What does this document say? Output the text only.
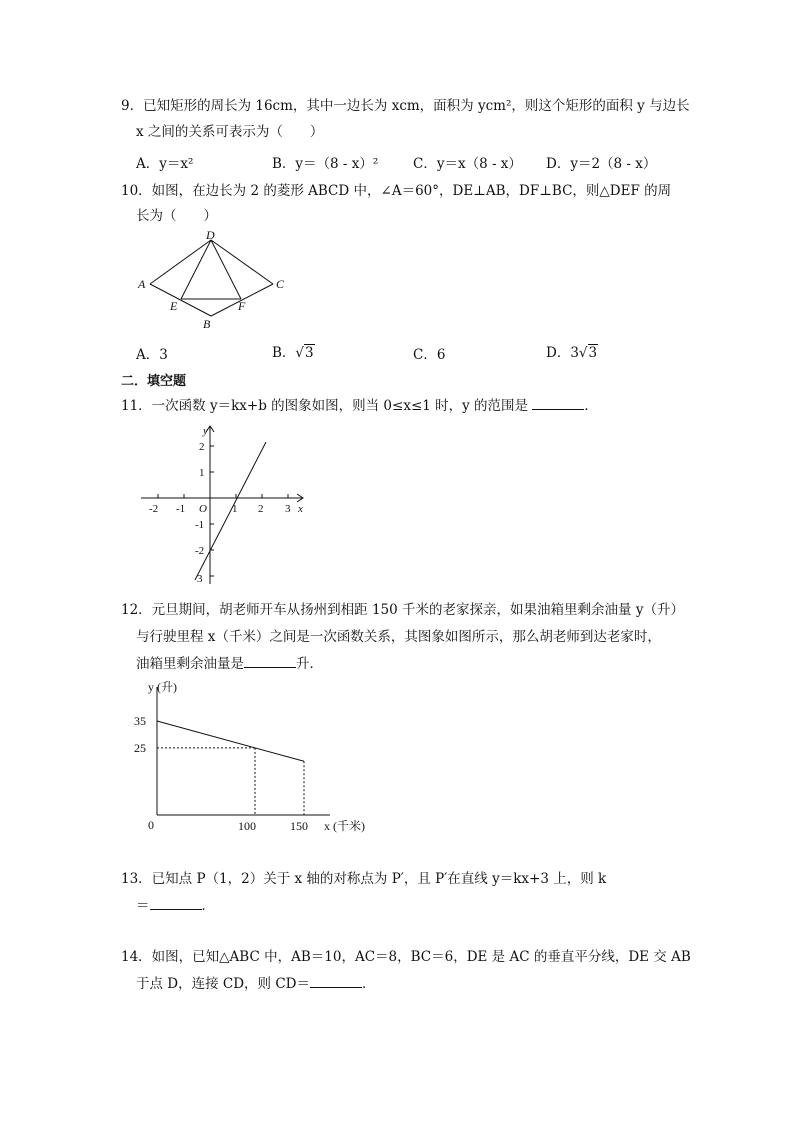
9．已知矩形的周长为 16cm，其中一边长为 xcm，面积为 ycm²，则这个矩形的面积 y 与边长
x 之间的关系可表示为（　　）
A．y＝x²	B．y＝（8 - x）²	C．y＝x（8 - x） D．y＝2（8 - x）
10．如图，在边长为 2 的菱形 ABCD 中，∠A＝60°，DE⊥AB，DF⊥BC，则△DEF 的周
长为（　　）
D
A	C
E	F
B
A．3	B．√3	C．6	D．3√3
二．填空题
11．一次函数 y＝kx+b 的图象如图，则当 0≤x≤1 时，y 的范围是	．
y
2
1
-1
-2
3
-2 -1 O 1 2 3 x
12．元旦期间，胡老师开车从扬州到相距 150 千米的老家探亲，如果油箱里剩余油量 y（升）
与行驶里程 x（千米）之间是一次函数关系，其图象如图所示，那么胡老师到达老家时，
油箱里剩余油量是	升．
y (升)
35
25
0	100	150 x (千米)
13．已知点 P（1，2）关于 x 轴的对称点为 P′，且 P′在直线 y＝kx+3 上，则 k
＝	．
14．如图，已知△ABC 中，AB＝10，AC＝8，BC＝6，DE 是 AC 的垂直平分线，DE 交 AB
于点 D，连接 CD，则 CD＝	．
